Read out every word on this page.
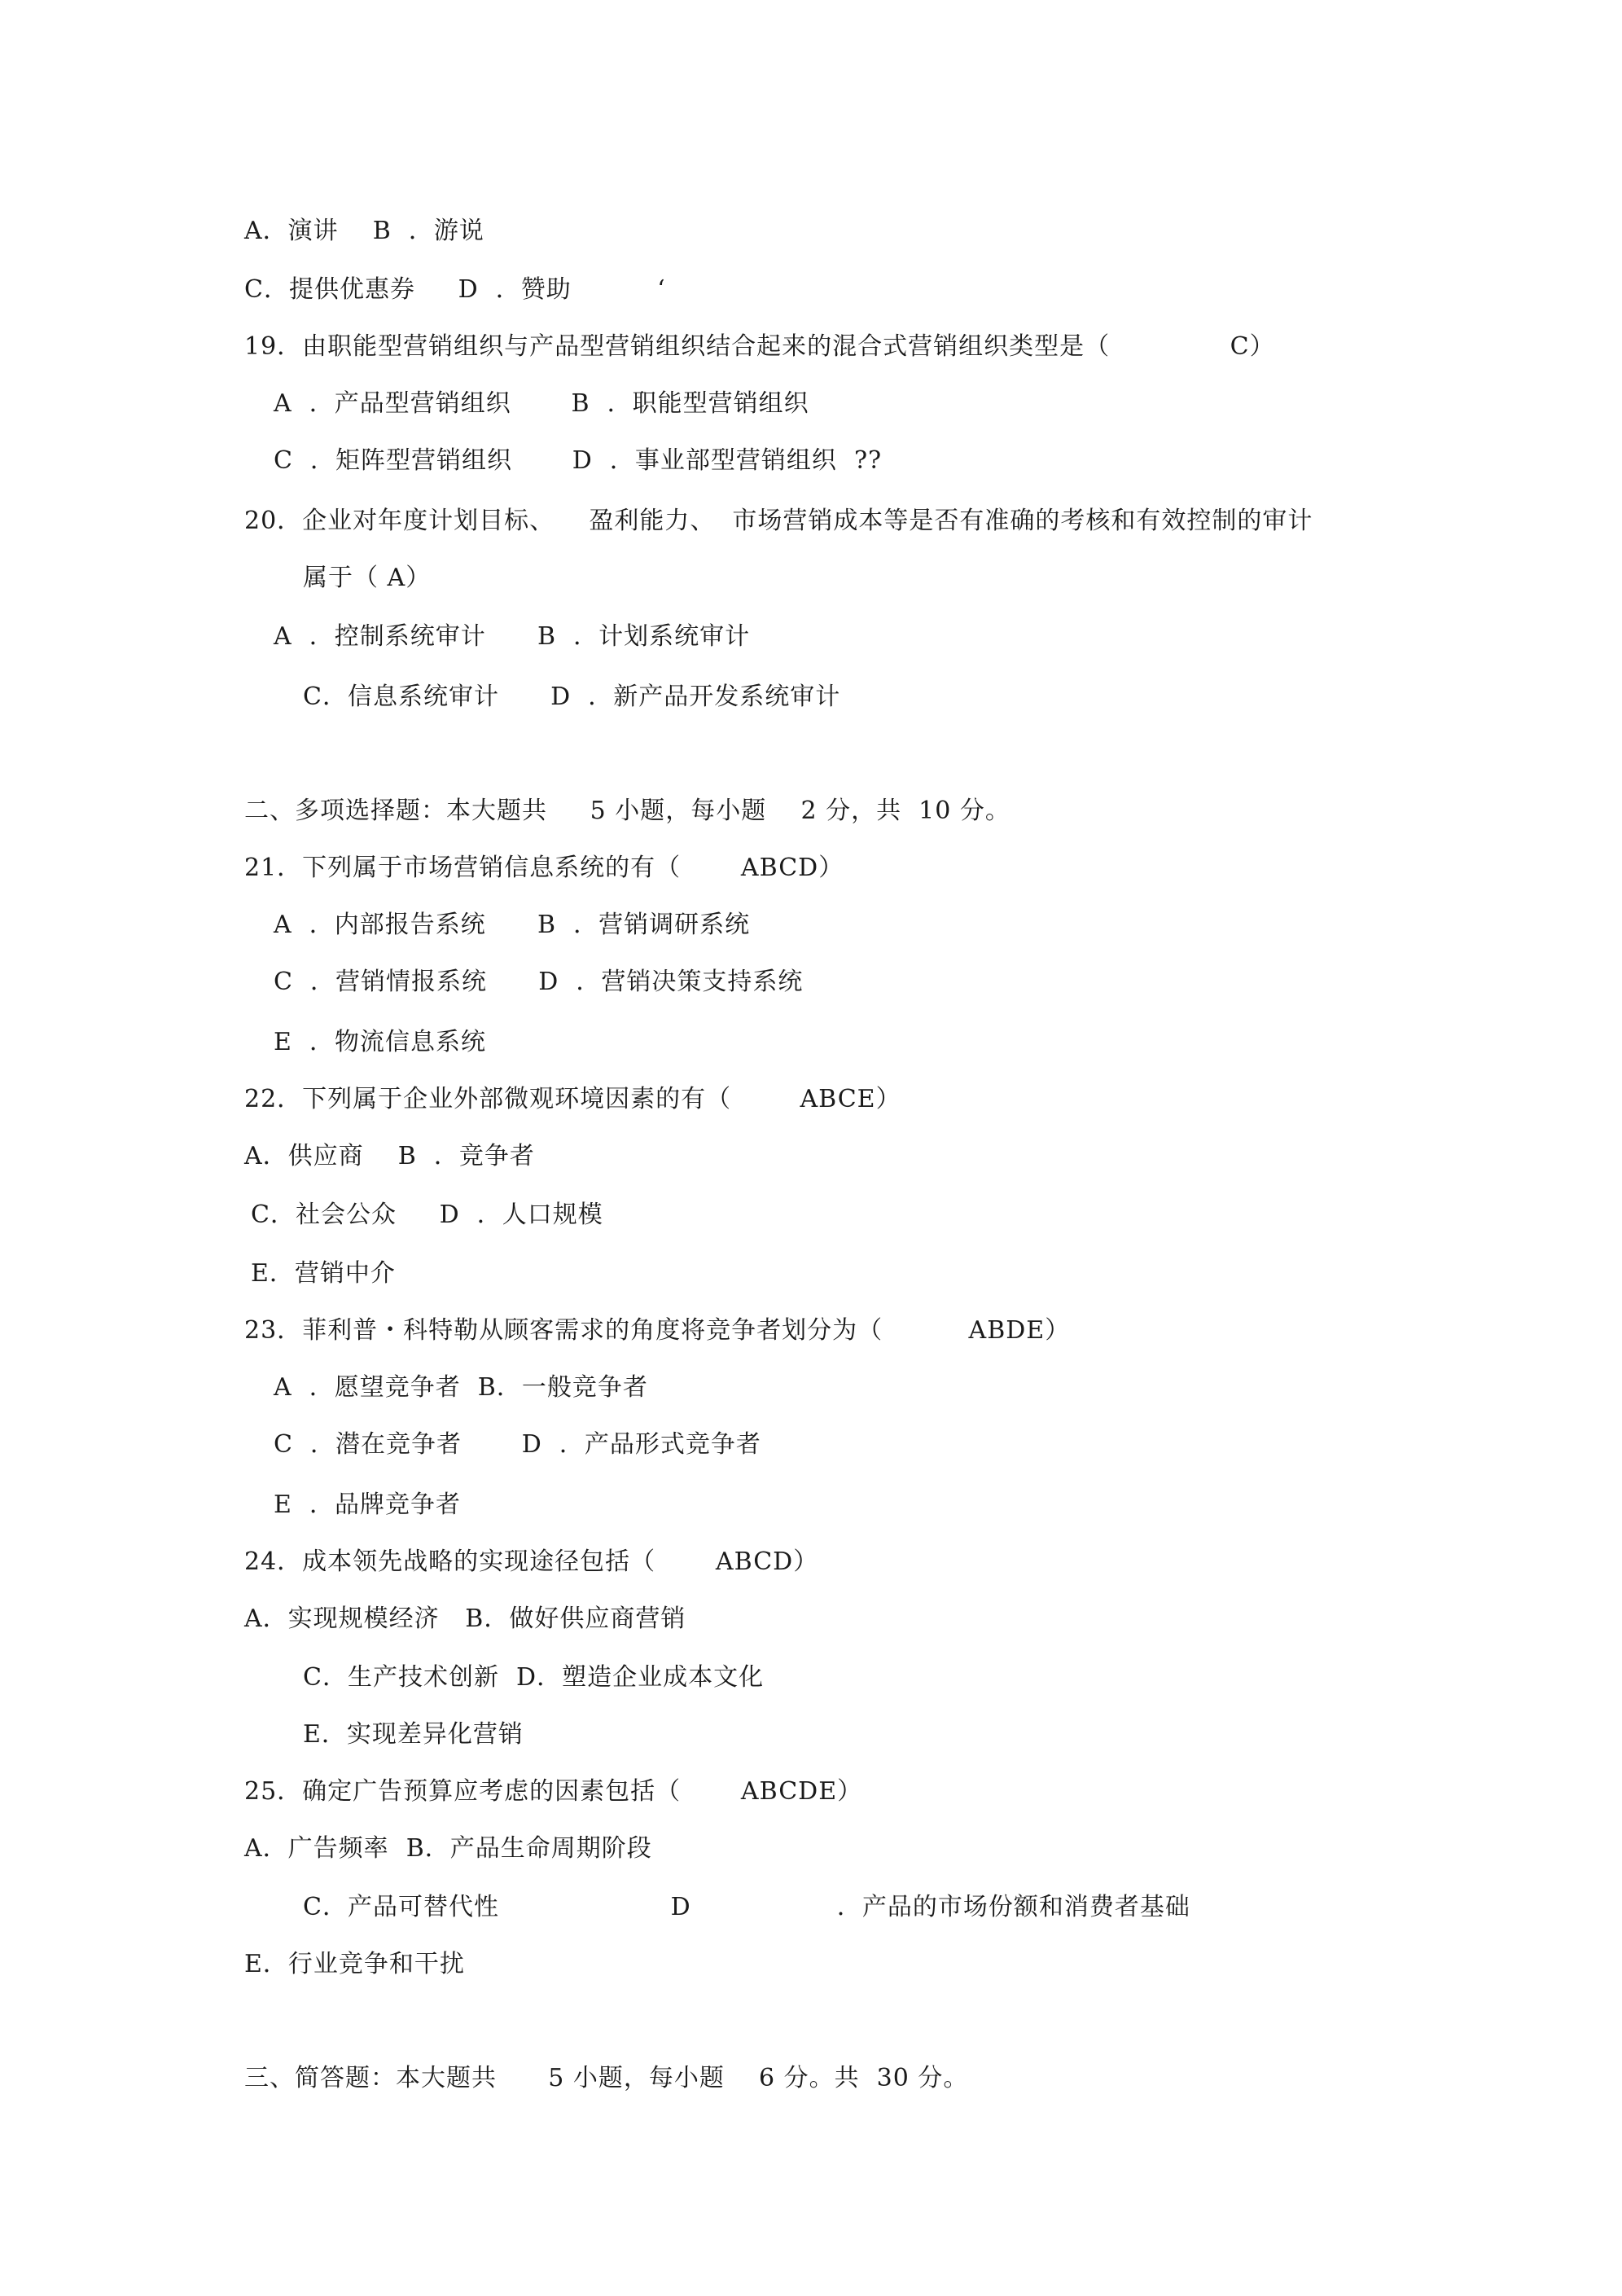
A．演讲    B  ．游说
C．提供优惠券     D  ．赞助          ‘
19．由职能型营销组织与产品型营销组织结合起来的混合式营销组织类型是（              C）
A  ．产品型营销组织       B  ．职能型营销组织
C  ．矩阵型营销组织       D  ．事业部型营销组织  ??
20．企业对年度计划目标、    盈利能力、  市场营销成本等是否有准确的考核和有效控制的审计
属于（ A）
A  ．控制系统审计      B  ．计划系统审计
C．信息系统审计      D  ．新产品开发系统审计
二、多项选择题：本大题共     5 小题，每小题    2 分，共  10 分。
21．下列属于市场营销信息系统的有（       ABCD）
A  ．内部报告系统      B  ．营销调研系统
C  ．营销情报系统      D  ．营销决策支持系统
E  ．物流信息系统
22．下列属于企业外部微观环境因素的有（        ABCE）
A．供应商    B  ．竞争者
C．社会公众     D  ．人口规模
E．营销中介
23．菲利普・科特勒从顾客需求的角度将竞争者划分为（          ABDE）
A  ．愿望竞争者  B．一般竞争者
C  ．潜在竞争者       D  ．产品形式竞争者
E  ．品牌竞争者
24．成本领先战略的实现途径包括（       ABCD）
A．实现规模经济   B．做好供应商营销
C．生产技术创新  D．塑造企业成本文化
E．实现差异化营销
25．确定广告预算应考虑的因素包括（       ABCDE）
A．广告频率  B．产品生命周期阶段
C．产品可替代性                    D                 ．产品的市场份额和消费者基础
E．行业竞争和干扰
三、简答题：本大题共      5 小题，每小题    6 分。共  30 分。
